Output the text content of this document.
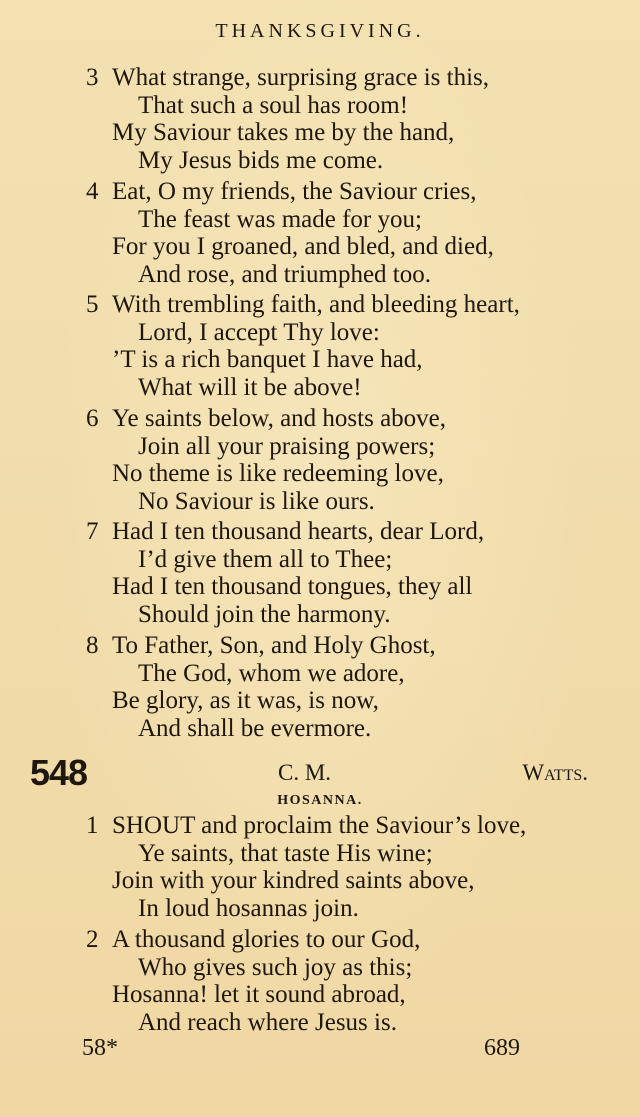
THANKSGIVING.
3 What strange, surprising grace is this,
That such a soul has room!
My Saviour takes me by the hand,
My Jesus bids me come.
4 Eat, O my friends, the Saviour cries,
The feast was made for you;
For you I groaned, and bled, and died,
And rose, and triumphed too.
5 With trembling faith, and bleeding heart,
Lord, I accept Thy love:
’T is a rich banquet I have had,
What will it be above!
6 Ye saints below, and hosts above,
Join all your praising powers;
No theme is like redeeming love,
No Saviour is like ours.
7 Had I ten thousand hearts, dear Lord,
I’d give them all to Thee;
Had I ten thousand tongues, they all
Should join the harmony.
8 To Father, Son, and Holy Ghost,
The God, whom we adore,
Be glory, as it was, is now,
And shall be evermore.
548	C. M.	Watts.
HOSANNA.
1 SHOUT and proclaim the Saviour’s love,
Ye saints, that taste His wine;
Join with your kindred saints above,
In loud hosannas join.
2 A thousand glories to our God,
Who gives such joy as this;
Hosanna! let it sound abroad,
And reach where Jesus is.
58*	689
